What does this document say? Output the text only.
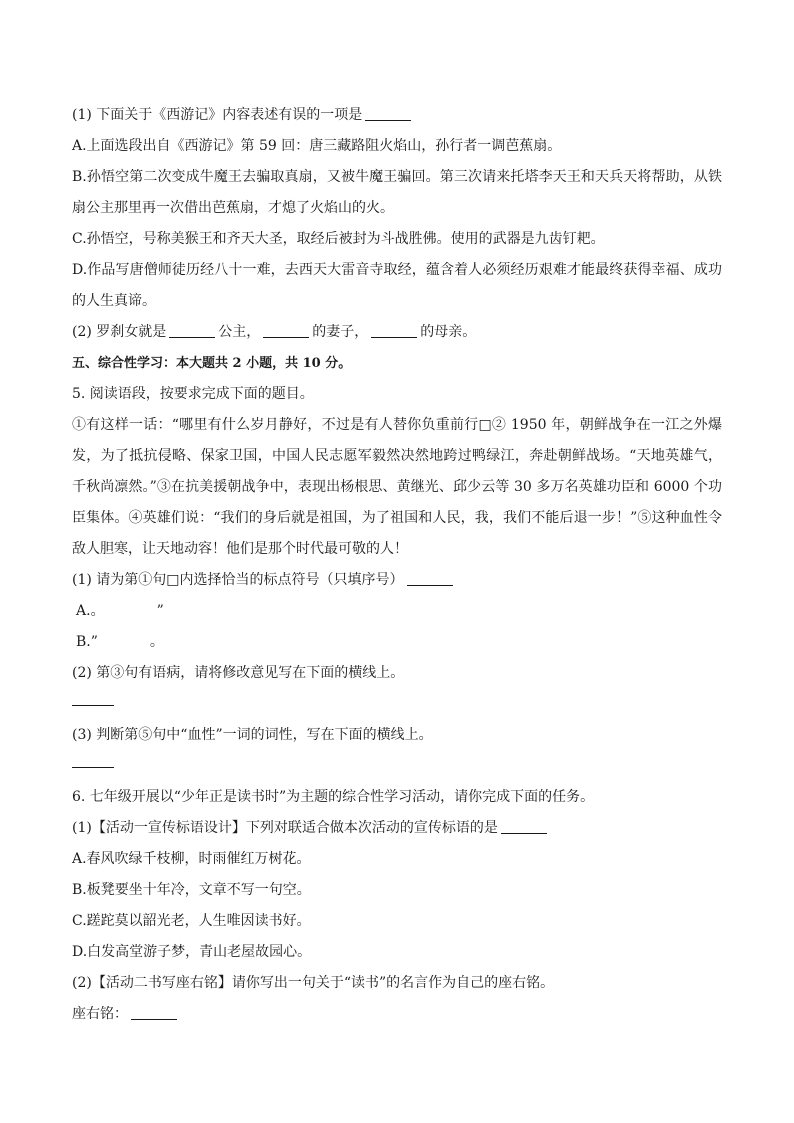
(1) 下面关于《西游记》内容表述有误的一项是
A.上面选段出自《西游记》第 59 回：唐三藏路阻火焰山，孙行者一调芭蕉扇。
B.孙悟空第二次变成牛魔王去骗取真扇，又被牛魔王骗回。第三次请来托塔李天王和天兵天将帮助，从铁扇公主那里再一次借出芭蕉扇，才熄了火焰山的火。
C.孙悟空，号称美猴王和齐天大圣，取经后被封为斗战胜佛。使用的武器是九齿钉耙。
D.作品写唐僧师徒历经八十一难，去西天大雷音寺取经，蕴含着人必须经历艰难才能最终获得幸福、成功的人生真谛。
(2) 罗刹女就是	公主，	的妻子，	的母亲。
五、综合性学习：本大题共 2 小题，共 10 分。
5. 阅读语段，按要求完成下面的题目。
①有这样一话：“哪里有什么岁月静好，不过是有人替你负重前行□② 1950 年，朝鲜战争在一江之外爆发，为了抵抗侵略、保家卫国，中国人民志愿军毅然决然地跨过鸭绿江，奔赴朝鲜战场。“天地英雄气，千秋尚凛然。”③在抗美援朝战争中，表现出杨根思、黄继光、邱少云等 30 多万名英雄功臣和 6000 个功臣集体。④英雄们说：“我们的身后就是祖国，为了祖国和人民，我，我们不能后退一步！”⑤这种血性令敌人胆寒，让天地动容！他们是那个时代最可敬的人！
(1) 请为第①句□内选择恰当的标点符号（只填序号）
A.。	”
B.”	。
(2) 第③句有语病，请将修改意见写在下面的横线上。
(3) 判断第⑤句中“血性”一词的词性，写在下面的横线上。
6. 七年级开展以“少年正是读书时”为主题的综合性学习活动，请你完成下面的任务。
(1)【活动一宣传标语设计】下列对联适合做本次活动的宣传标语的是
A.春风吹绿千枝柳，时雨催红万树花。
B.板凳要坐十年冷，文章不写一句空。
C.蹉跎莫以韶光老，人生唯因读书好。
D.白发高堂游子梦，青山老屋故园心。
(2)【活动二书写座右铭】请你写出一句关于“读书”的名言作为自己的座右铭。
座右铭：
